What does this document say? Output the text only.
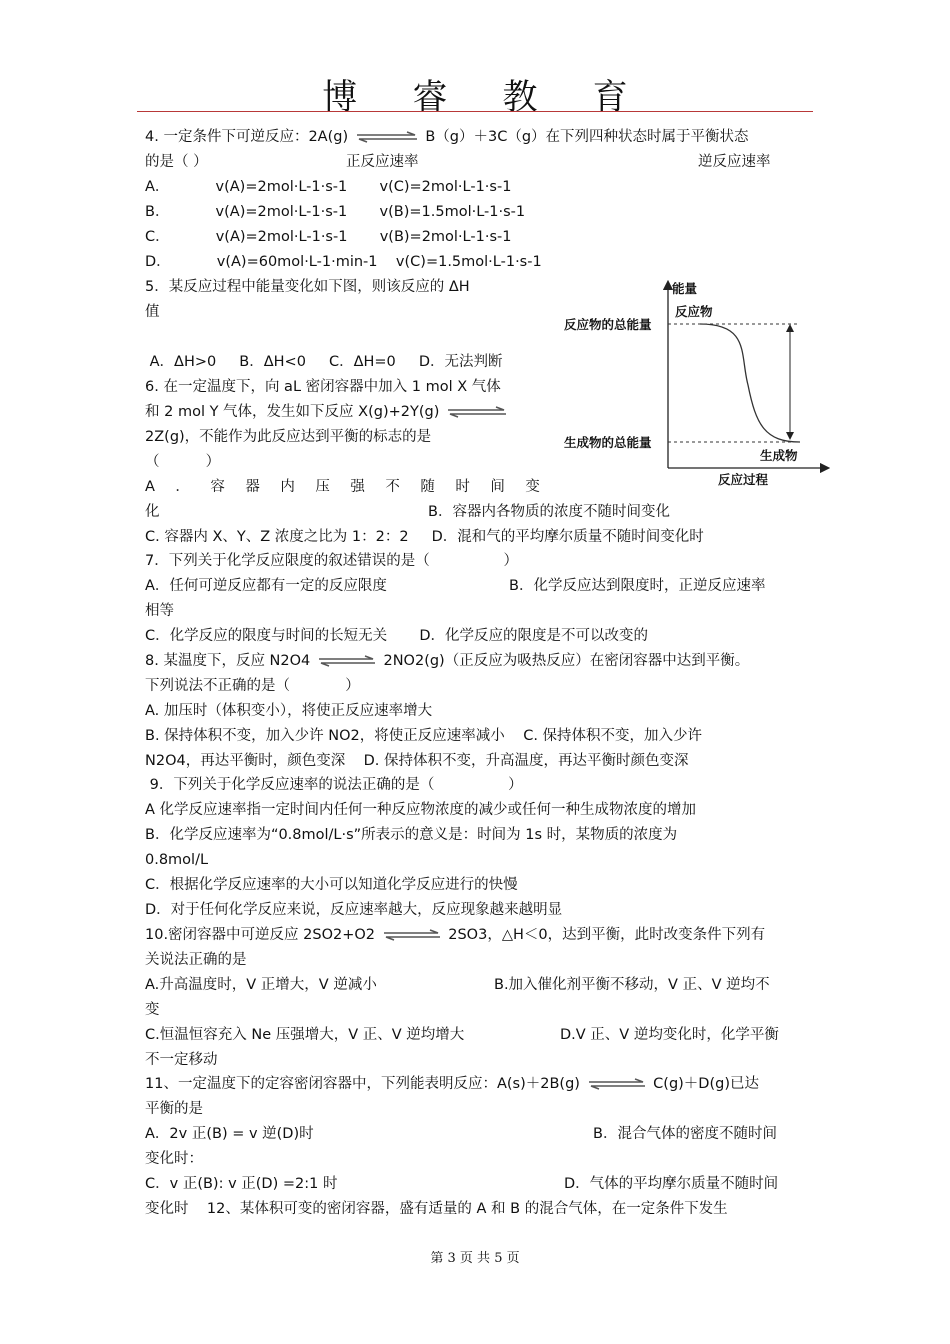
博 睿 教 育
4. 一定条件下可逆反应：2A(g)	B（g）＋3C（g）在下列四种状态时属于平衡状态
的是（ ）	正反应速率	逆反应速率
A．          v(A)=2mol·L-1·s-1       v(C)=2mol·L-1·s-1
B．          v(A)=2mol·L-1·s-1       v(B)=1.5mol·L-1·s-1
C．          v(A)=2mol·L-1·s-1       v(B)=2mol·L-1·s-1
D．          v(A)=60mol·L-1·min-1    v(C)=1.5mol·L-1·s-1
5．某反应过程中能量变化如下图，则该反应的 ΔH
值
A．ΔH>0     B．ΔH<0     C．ΔH=0     D．无法判断
能量
反应物
反应物的总能量
生成物的总能量
生成物
反应过程
6. 在一定温度下，向 aL 密闭容器中加入 1 mol X 气体
和 2 mol Y 气体，发生如下反应 X(g)+2Y(g)
2Z(g)，不能作为此反应达到平衡的标志的是
（          ）
A ． 容 器 内 压 强 不 随 时 间 变
化	B．容器内各物质的浓度不随时间变化
C. 容器内 X、Y、Z 浓度之比为 1：2：2     D．混和气的平均摩尔质量不随时间变化时
7．下列关于化学反应限度的叙述错误的是（                ）
A．任何可逆反应都有一定的反应限度	B．化学反应达到限度时，正逆反应速率
相等
C．化学反应的限度与时间的长短无关       D．化学反应的限度是不可以改变的
8. 某温度下，反应 N2O4	2NO2(g)（正反应为吸热反应）在密闭容器中达到平衡。
下列说法不正确的是（            ）
A. 加压时（体积变小），将使正反应速率增大
B. 保持体积不变，加入少许 NO2，将使正反应速率减小    C. 保持体积不变，加入少许
N2O4，再达平衡时，颜色变深    D. 保持体积不变，升高温度，再达平衡时颜色变深
9．下列关于化学反应速率的说法正确的是（                ）
A 化学反应速率指一定时间内任何一种反应物浓度的减少或任何一种生成物浓度的增加
B．化学反应速率为“0.8mol/L·s”所表示的意义是：时间为 1s 时，某物质的浓度为
0.8mol/L
C．根据化学反应速率的大小可以知道化学反应进行的快慢
D．对于任何化学反应来说，反应速率越大，反应现象越来越明显
10.密闭容器中可逆反应 2SO2+O2	2SO3，△H＜0，达到平衡，此时改变条件下列有
关说法正确的是
A.升高温度时，V 正增大，V 逆减小	B.加入催化剂平衡不移动，V 正、V 逆均不
变
C.恒温恒容充入 Ne 压强增大，V 正、V 逆均增大	D.V 正、V 逆均变化时，化学平衡
不一定移动
11、一定温度下的定容密闭容器中，下列能表明反应：A(s)＋2B(g)	C(g)＋D(g)已达
平衡的是
A．2v 正(B) = v 逆(D)时	B．混合气体的密度不随时间
变化时：
C．v 正(B): v 正(D) =2:1 时	D．气体的平均摩尔质量不随时间
变化时    12、某体积可变的密闭容器，盛有适量的 A 和 B 的混合气体，在一定条件下发生
第 3 页 共 5 页
